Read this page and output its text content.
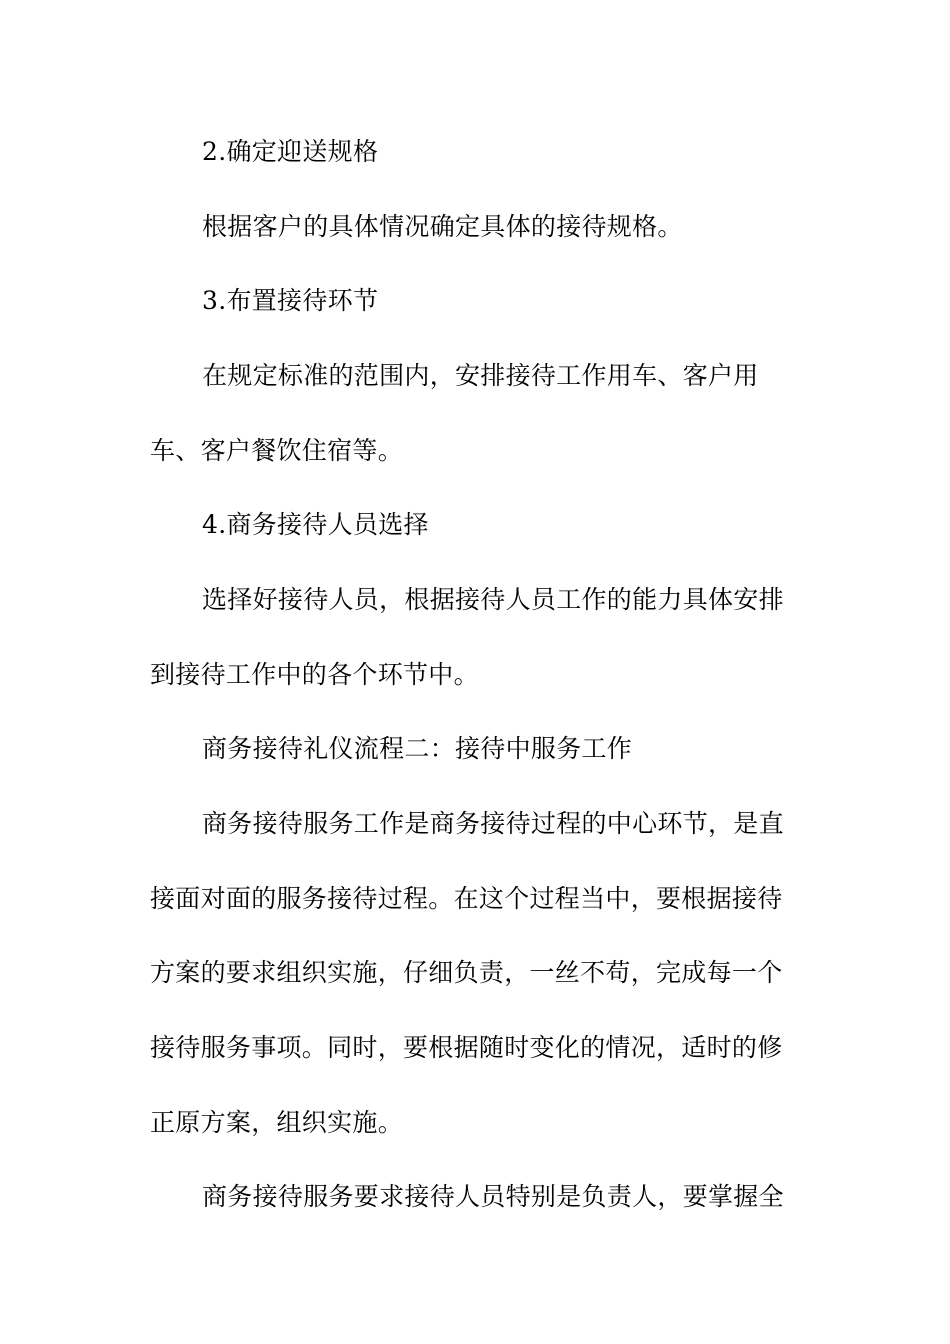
2.确定迎送规格
根据客户的具体情况确定具体的接待规格。
3.布置接待环节
在规定标准的范围内，安排接待工作用车、客户用
车、客户餐饮住宿等。
4.商务接待人员选择
选择好接待人员，根据接待人员工作的能力具体安排
到接待工作中的各个环节中。
商务接待礼仪流程二：接待中服务工作
商务接待服务工作是商务接待过程的中心环节，是直
接面对面的服务接待过程。在这个过程当中，要根据接待
方案的要求组织实施，仔细负责，一丝不苟，完成每一个
接待服务事项。同时，要根据随时变化的情况，适时的修
正原方案，组织实施。
商务接待服务要求接待人员特别是负责人，要掌握全
